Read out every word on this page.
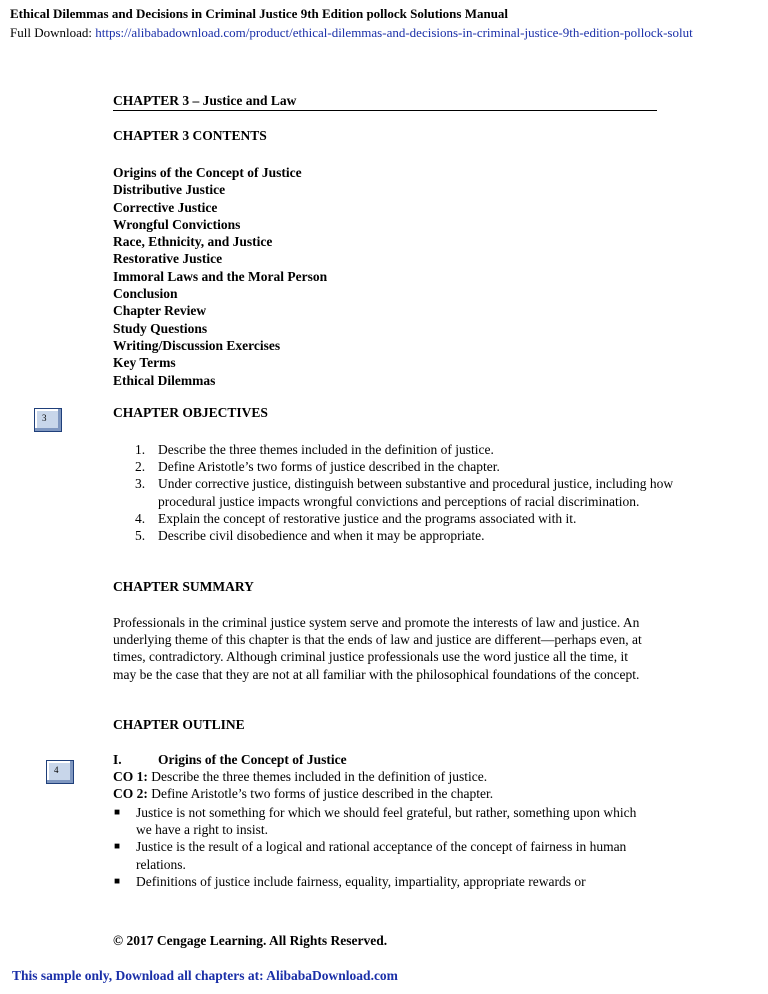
Ethical Dilemmas and Decisions in Criminal Justice 9th Edition pollock Solutions Manual
Full Download: https://alibabadownload.com/product/ethical-dilemmas-and-decisions-in-criminal-justice-9th-edition-pollock-solut
CHAPTER 3 – Justice and Law
CHAPTER 3 CONTENTS
Origins of the Concept of Justice
Distributive Justice
Corrective Justice
Wrongful Convictions
Race, Ethnicity, and Justice
Restorative Justice
Immoral Laws and the Moral Person
Conclusion
Chapter Review
Study Questions
Writing/Discussion Exercises
Key Terms
Ethical Dilemmas
3	CHAPTER OBJECTIVES
1. Describe the three themes included in the definition of justice.
2. Define Aristotle’s two forms of justice described in the chapter.
3. Under corrective justice, distinguish between substantive and procedural justice, including how procedural justice impacts wrongful convictions and perceptions of racial discrimination.
4. Explain the concept of restorative justice and the programs associated with it.
5. Describe civil disobedience and when it may be appropriate.
CHAPTER SUMMARY
Professionals in the criminal justice system serve and promote the interests of law and justice. An underlying theme of this chapter is that the ends of law and justice are different—perhaps even, at times, contradictory. Although criminal justice professionals use the word justice all the time, it may be the case that they are not at all familiar with the philosophical foundations of the concept.
CHAPTER OUTLINE
4
I.	Origins of the Concept of Justice
CO 1: Describe the three themes included in the definition of justice.
CO 2: Define Aristotle’s two forms of justice described in the chapter.
■ Justice is not something for which we should feel grateful, but rather, something upon which we have a right to insist.
■ Justice is the result of a logical and rational acceptance of the concept of fairness in human relations.
■ Definitions of justice include fairness, equality, impartiality, appropriate rewards or
© 2017 Cengage Learning. All Rights Reserved.
This sample only, Download all chapters at: AlibabaDownload.com
